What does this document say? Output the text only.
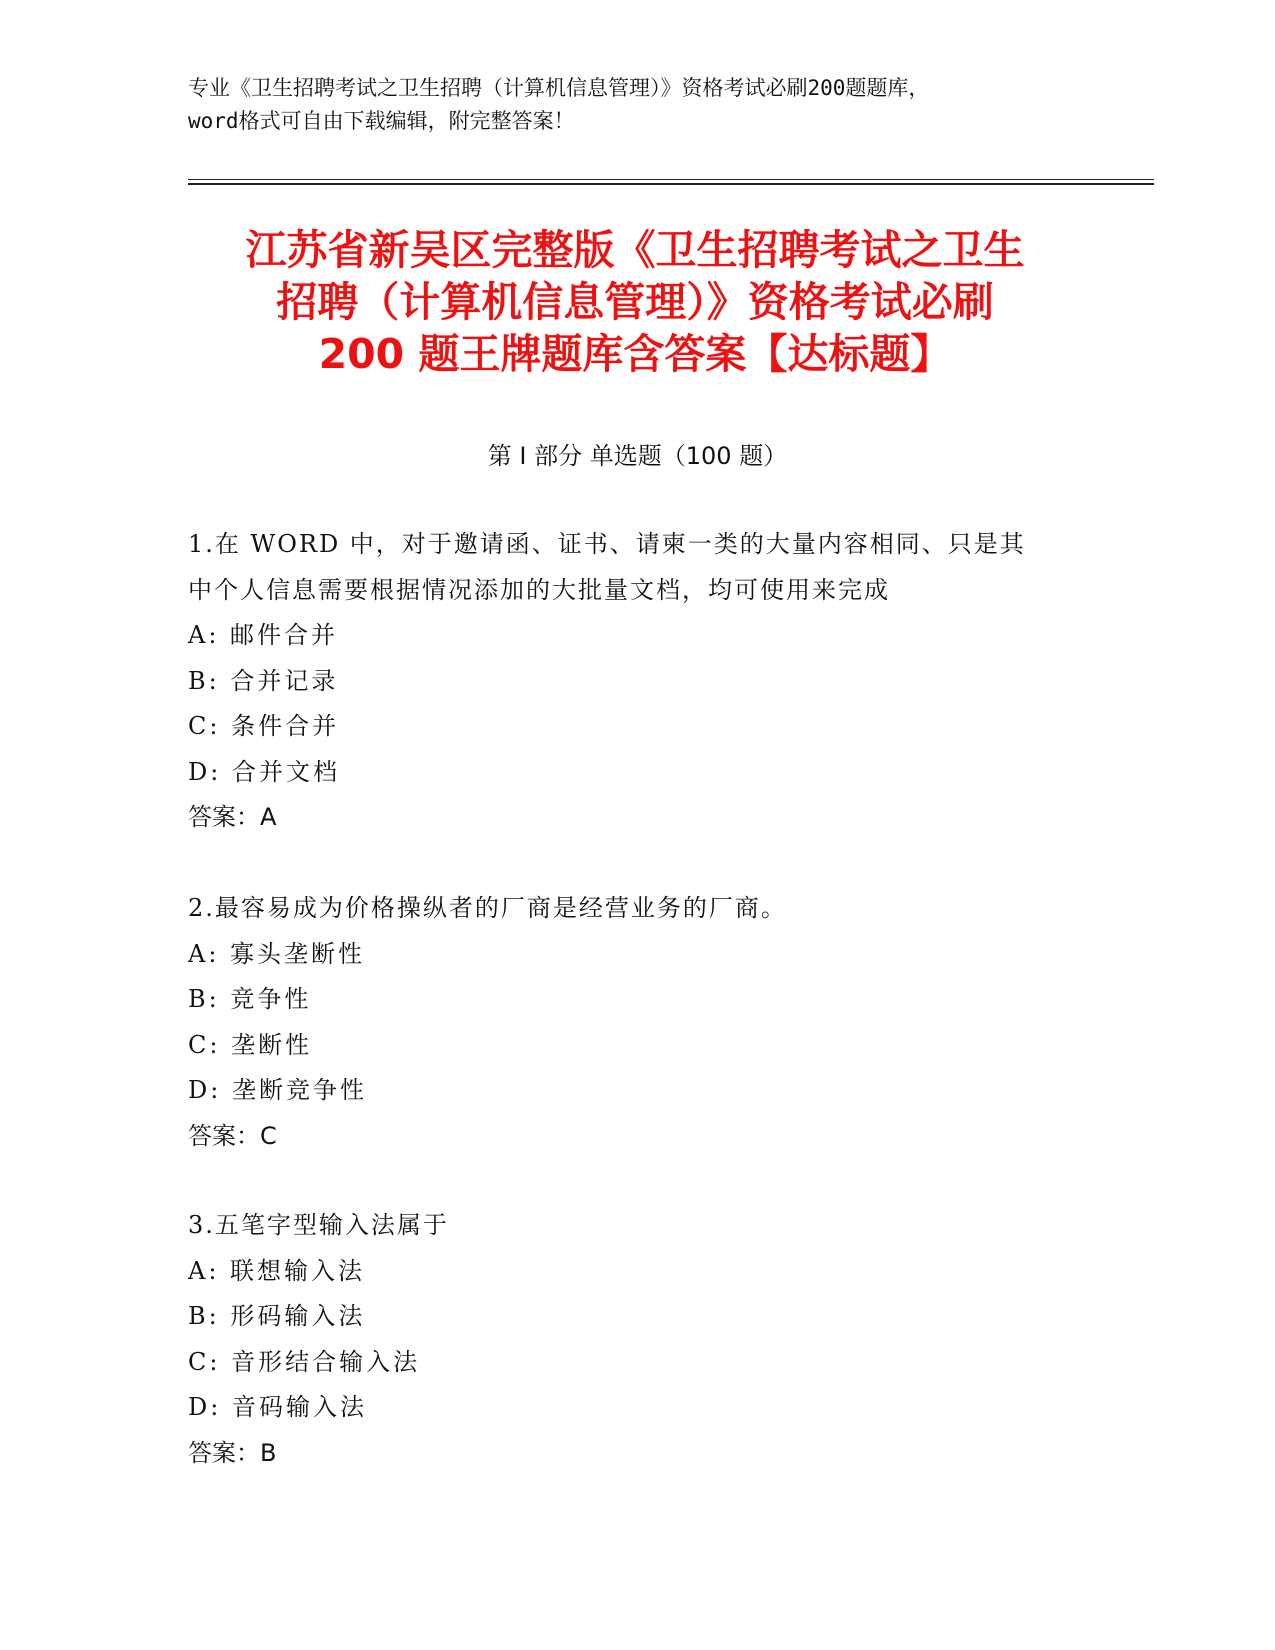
专业《卫生招聘考试之卫生招聘（计算机信息管理）》资格考试必刷200题题库，
word格式可自由下载编辑，附完整答案！
江苏省新吴区完整版《卫生招聘考试之卫生
招聘（计算机信息管理）》资格考试必刷
200 题王牌题库含答案【达标题】
第 I 部分 单选题（100 题）
1.在 WORD 中，对于邀请函、证书、请柬一类的大量内容相同、只是其
中个人信息需要根据情况添加的大批量文档，均可使用来完成
A: 邮件合并
B: 合并记录
C: 条件合并
D: 合并文档
答案：A
2.最容易成为价格操纵者的厂商是经营业务的厂商。
A: 寡头垄断性
B: 竞争性
C: 垄断性
D: 垄断竞争性
答案：C
3.五笔字型输入法属于
A: 联想输入法
B: 形码输入法
C: 音形结合输入法
D: 音码输入法
答案：B
